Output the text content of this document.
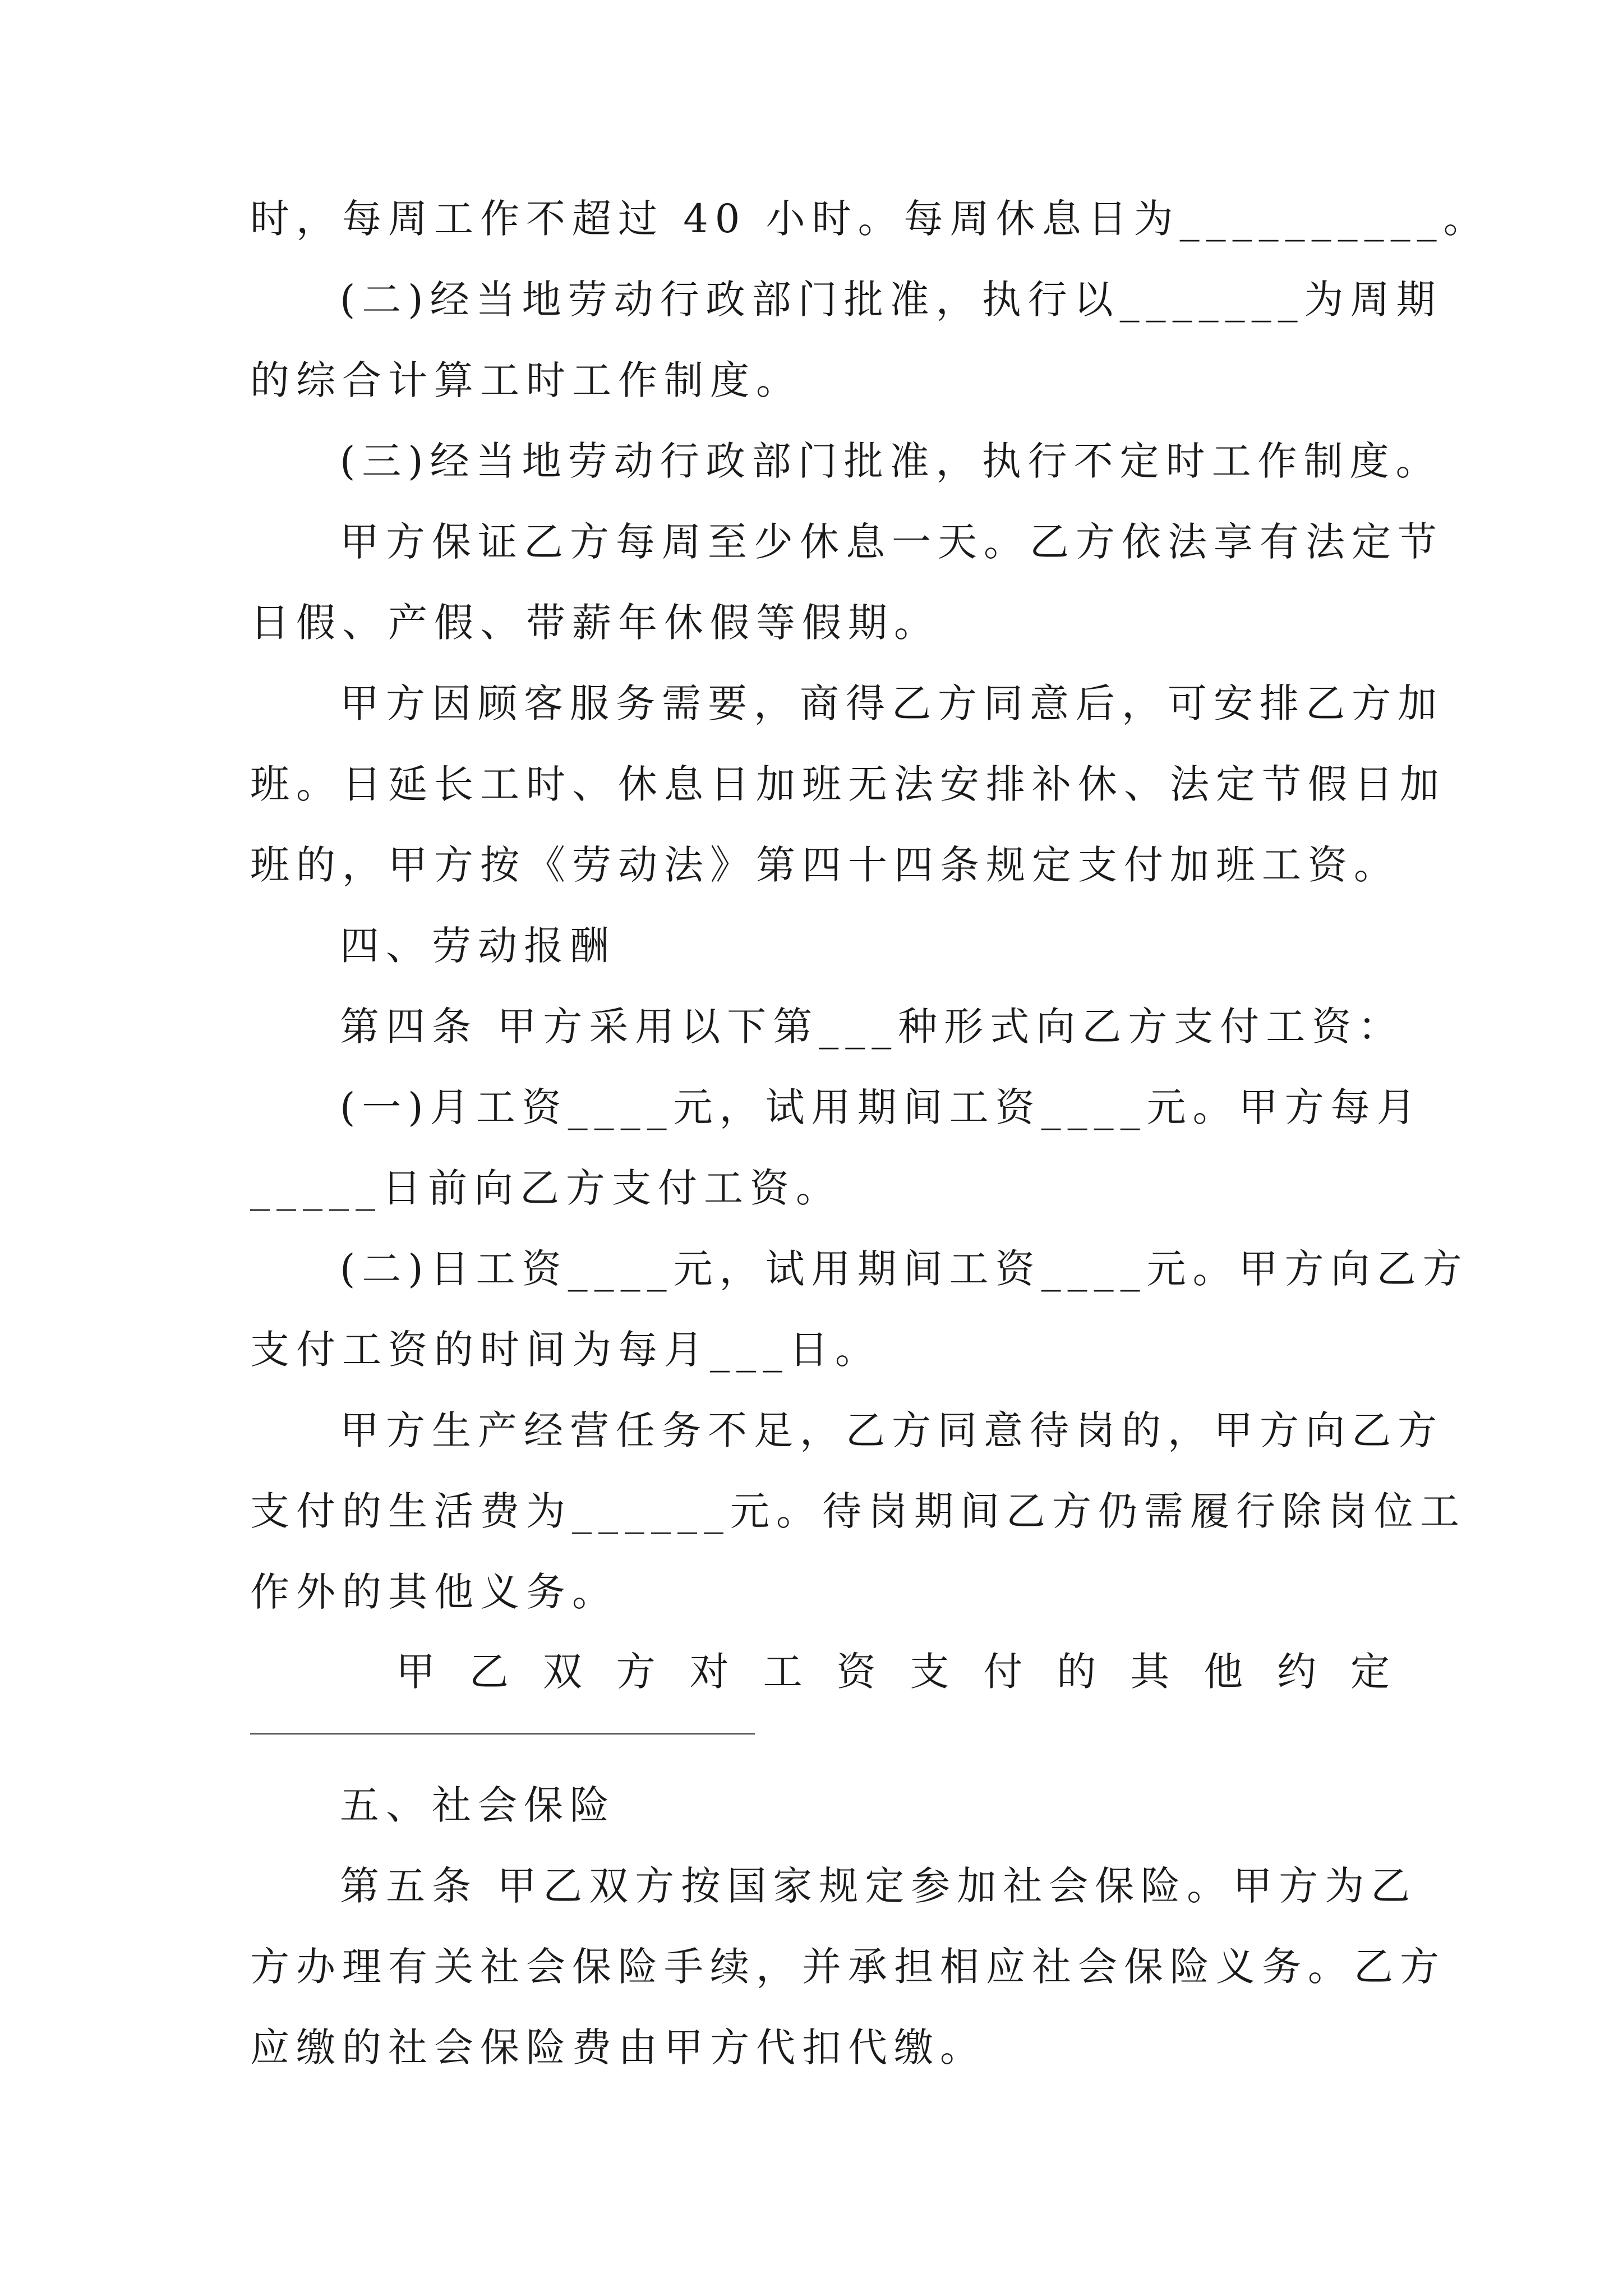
时，每周工作不超过 40 小时。每周休息日为__________。
(二)经当地劳动行政部门批准，执行以_______为周期
的综合计算工时工作制度。
(三)经当地劳动行政部门批准，执行不定时工作制度。
甲方保证乙方每周至少休息一天。乙方依法享有法定节
日假、产假、带薪年休假等假期。
甲方因顾客服务需要，商得乙方同意后，可安排乙方加
班。日延长工时、休息日加班无法安排补休、法定节假日加
班的，甲方按《劳动法》第四十四条规定支付加班工资。
四、劳动报酬
第四条 甲方采用以下第___种形式向乙方支付工资：
(一)月工资____元，试用期间工资____元。甲方每月
_____日前向乙方支付工资。
(二)日工资____元，试用期间工资____元。甲方向乙方
支付工资的时间为每月___日。
甲方生产经营任务不足，乙方同意待岗的，甲方向乙方
支付的生活费为______元。待岗期间乙方仍需履行除岗位工
作外的其他义务。
甲 乙 双 方 对 工 资 支 付 的 其 他 约 定
五、社会保险
第五条 甲乙双方按国家规定参加社会保险。甲方为乙
方办理有关社会保险手续，并承担相应社会保险义务。乙方
应缴的社会保险费由甲方代扣代缴。
